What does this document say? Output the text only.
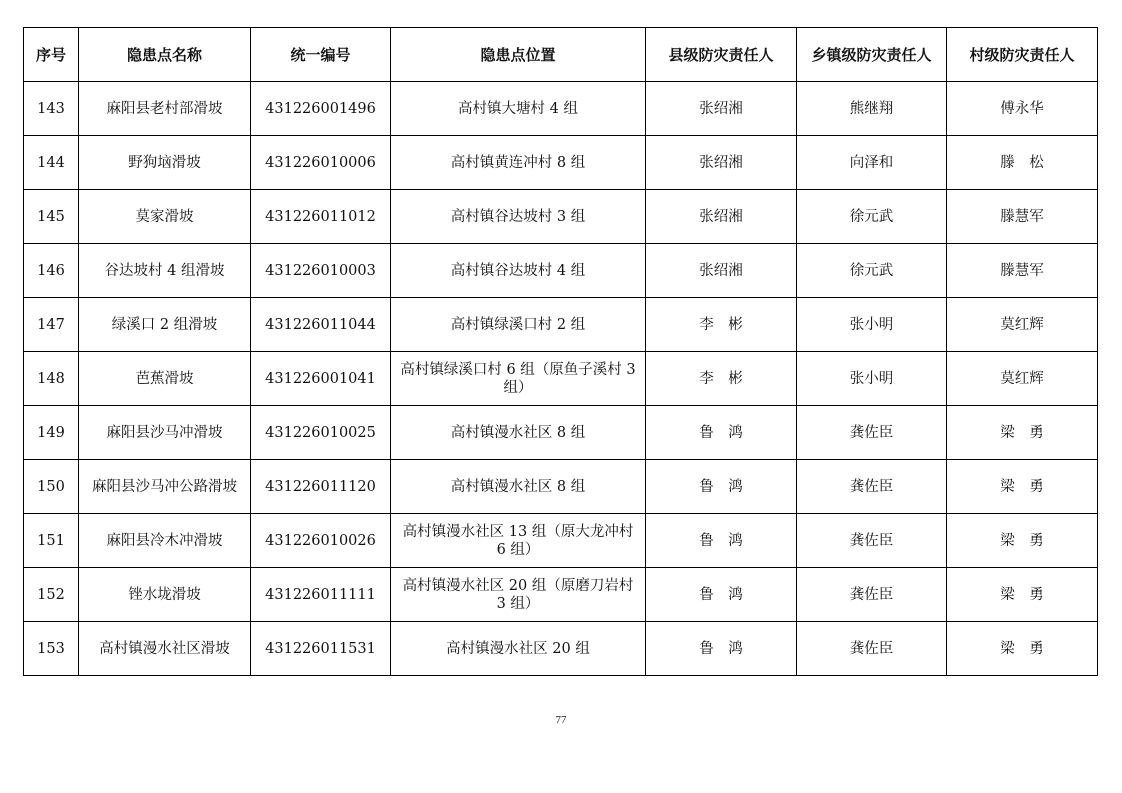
序号	隐患点名称	统一编号	隐患点位置	县级防灾责任人	乡镇级防灾责任人	村级防灾责任人
143	麻阳县老村部滑坡	431226001496	高村镇大塘村 4 组	张绍湘	熊继翔	傅永华
144	野狗垴滑坡	431226010006	高村镇黄连冲村 8 组	张绍湘	向泽和	滕　松
145	莫家滑坡	431226011012	高村镇谷达坡村 3 组	张绍湘	徐元武	滕慧军
146	谷达坡村 4 组滑坡	431226010003	高村镇谷达坡村 4 组	张绍湘	徐元武	滕慧军
147	绿溪口 2 组滑坡	431226011044	高村镇绿溪口村 2 组	李　彬	张小明	莫红辉
148	芭蕉滑坡	431226001041	高村镇绿溪口村 6 组（原鱼子溪村 3 组）	李　彬	张小明	莫红辉
149	麻阳县沙马冲滑坡	431226010025	高村镇漫水社区 8 组	鲁　鸿	龚佐臣	梁　勇
150	麻阳县沙马冲公路滑坡	431226011120	高村镇漫水社区 8 组	鲁　鸿	龚佐臣	梁　勇
151	麻阳县冷木冲滑坡	431226010026	高村镇漫水社区 13 组（原大龙冲村 6 组）	鲁　鸿	龚佐臣	梁　勇
152	锉水垅滑坡	431226011111	高村镇漫水社区 20 组（原磨刀岩村 3 组）	鲁　鸿	龚佐臣	梁　勇
153	高村镇漫水社区滑坡	431226011531	高村镇漫水社区 20 组	鲁　鸿	龚佐臣	梁　勇
77
